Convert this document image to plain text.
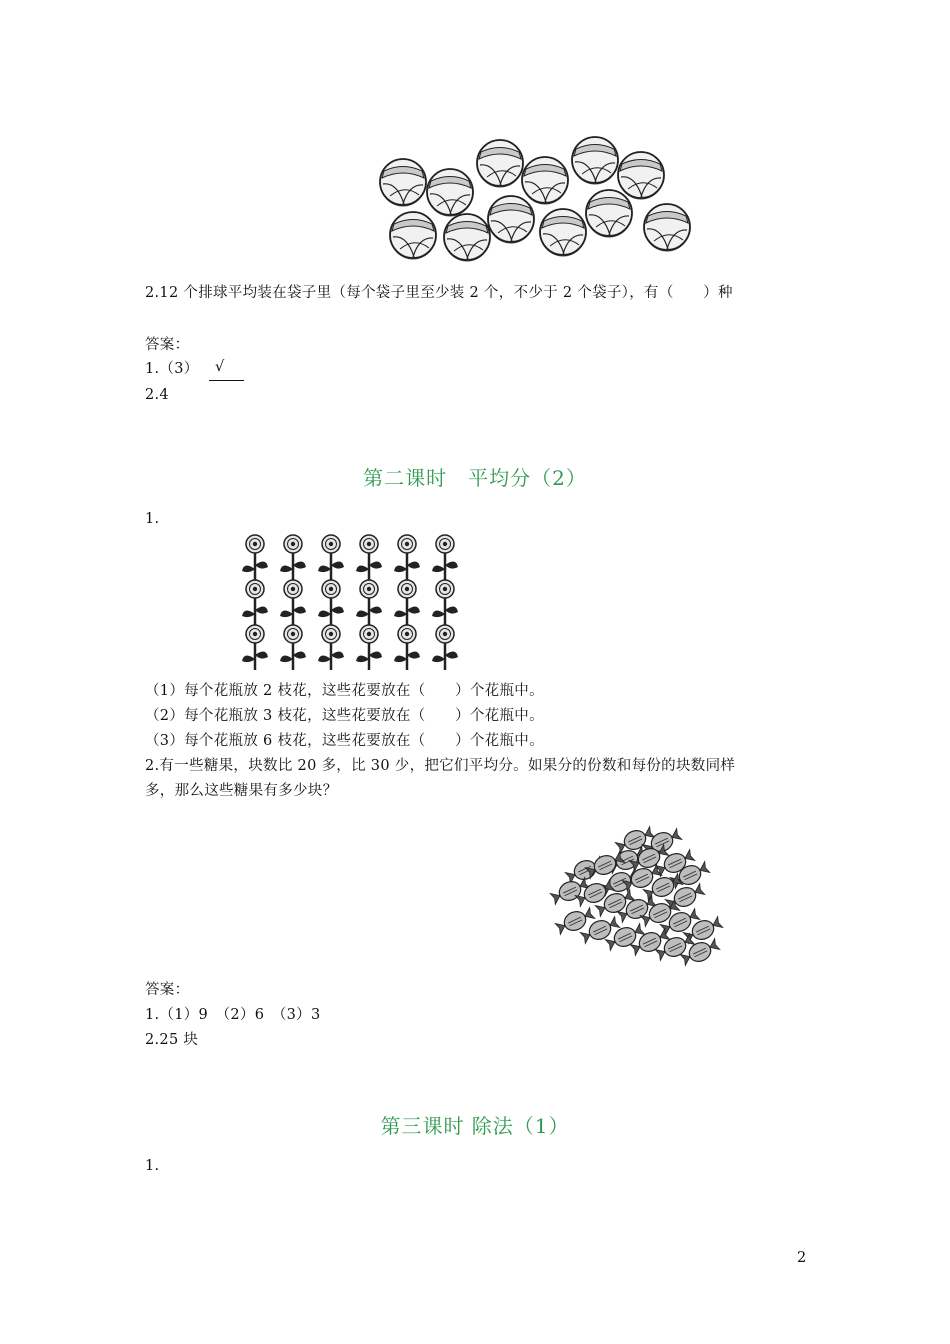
2.12 个排球平均装在袋子里（每个袋子里至少装 2 个，不少于 2 个袋子），有（　　）种
答案：
1.（3） √
2.4
第二课时　平均分（2）
1.
（1）每个花瓶放 2 枝花，这些花要放在（　　）个花瓶中。
（2）每个花瓶放 3 枝花，这些花要放在（　　）个花瓶中。
（3）每个花瓶放 6 枝花，这些花要放在（　　）个花瓶中。
2.有一些糖果，块数比 20 多，比 30 少，把它们平均分。如果分的份数和每份的块数同样
多，那么这些糖果有多少块？
答案：
1.（1）9　（2）6　（3）3
2.25 块
第三课时 除法（1）
1.
2
